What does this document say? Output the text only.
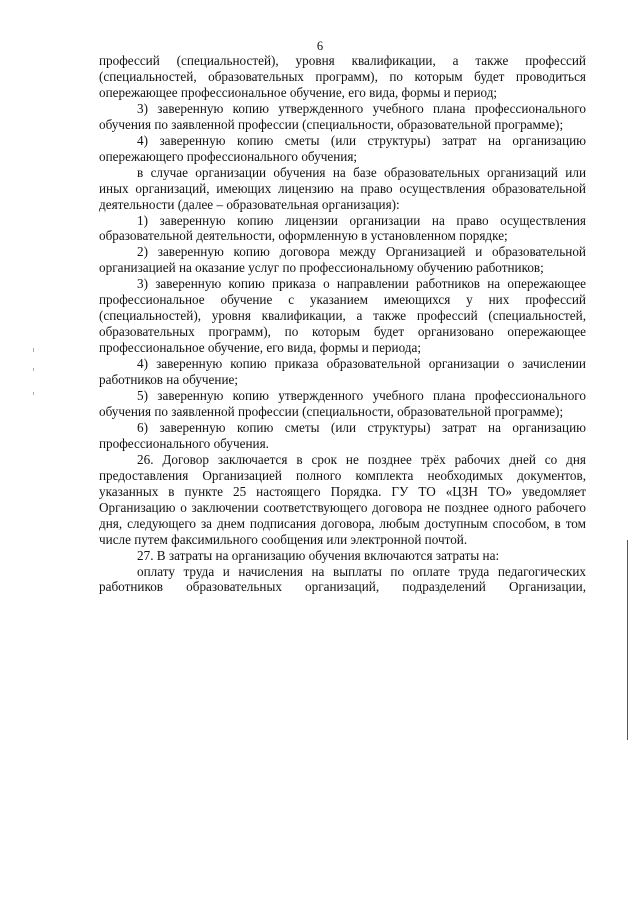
6

профессий (специальностей), уровня квалификации, а также профессий (специальностей, образовательных программ), по которым будет проводиться опережающее профессиональное обучение, его вида, формы и период;

3) заверенную копию утвержденного учебного плана профессионального обучения по заявленной профессии (специальности, образовательной программе);

4) заверенную копию сметы (или структуры) затрат на организацию опережающего профессионального обучения;

в случае организации обучения на базе образовательных организаций или иных организаций, имеющих лицензию на право осуществления образовательной деятельности (далее – образовательная организация):

1) заверенную копию лицензии организации на право осуществления образовательной деятельности, оформленную в установленном порядке;

2) заверенную копию договора между Организацией и образовательной организацией на оказание услуг по профессиональному обучению работников;

3) заверенную копию приказа о направлении работников на опережающее профессиональное обучение с указанием имеющихся у них профессий (специальностей), уровня квалификации, а также профессий (специальностей, образовательных программ), по которым будет организовано опережающее профессиональное обучение, его вида, формы и периода;

4) заверенную копию приказа образовательной организации о зачислении работников на обучение;

5) заверенную копию утвержденного учебного плана профессионального обучения по заявленной профессии (специальности, образовательной программе);

6) заверенную копию сметы (или структуры) затрат на организацию профессионального обучения.

26. Договор заключается в срок не позднее трёх рабочих дней со дня предоставления Организацией полного комплекта необходимых документов, указанных в пункте 25 настоящего Порядка. ГУ ТО «ЦЗН ТО» уведомляет Организацию о заключении соответствующего договора не позднее одного рабочего дня, следующего за днем подписания договора, любым доступным способом, в том числе путем факсимильного сообщения или электронной почтой.

27. В затраты на организацию обучения включаются затраты на:

оплату труда и начисления на выплаты по оплате труда педагогических работников образовательных организаций, подразделений Организации,
